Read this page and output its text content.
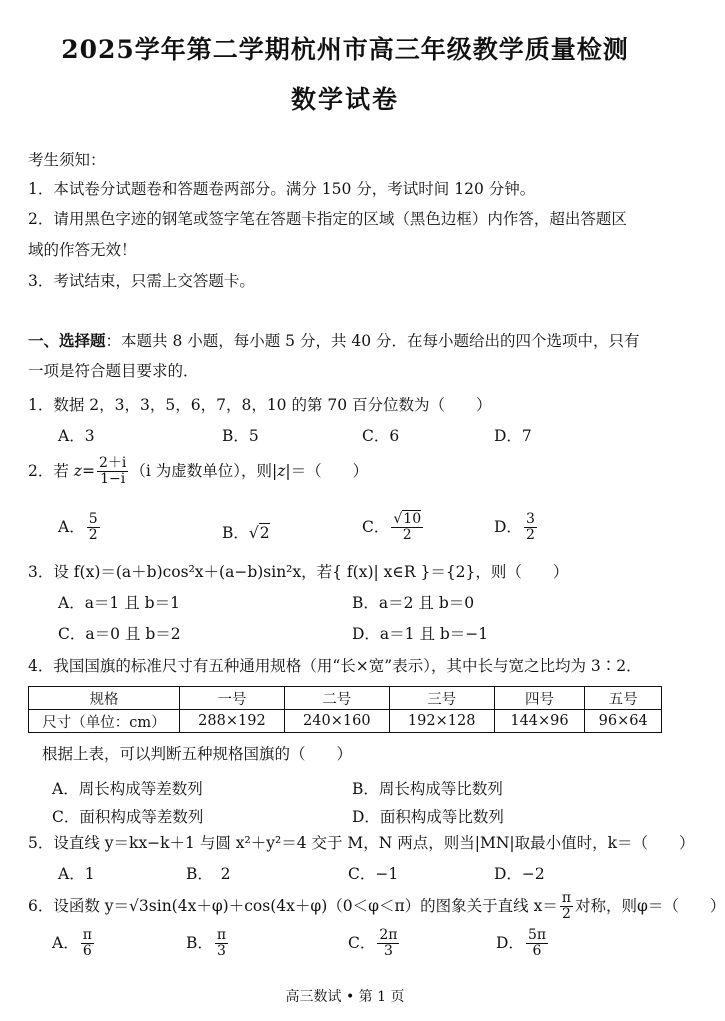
2025学年第二学期杭州市高三年级教学质量检测
数学试卷
考生须知：
1．本试卷分试题卷和答题卷两部分。满分 150 分，考试时间 120 分钟。
2．请用黑色字迹的钢笔或签字笔在答题卡指定的区域（黑色边框）内作答，超出答题区
域的作答无效！
3．考试结束，只需上交答题卡。
一、选择题：本题共 8 小题，每小题 5 分，共 40 分．在每小题给出的四个选项中，只有
一项是符合题目要求的．
1．数据 2，3，3，5，6，7，8，10 的第 70 百分位数为（　　）
A．3	B．5	C．6	D．7
2．若 $z= \frac{2+i}{1-i} (i$ 为虚数单位），则|z|＝（　　）
A． $\frac{5}{2}$	B．√2	C． $\frac{√10}{2}$	D． $\frac{3}{2}$
3．设 f(x)＝(a＋b)cos²x＋(a−b)sin²x，若{ f(x)| x∈R }＝{2}，则（　　）
A．a＝1 且 b＝1	B．a＝2 且 b＝0
C．a＝0 且 b＝2	D．a＝1 且 b＝−1
4．我国国旗的标准尺寸有五种通用规格（用“长×宽”表示），其中长与宽之比均为 3∶2．
规格	一号	二号	三号	四号	五号
尺寸（单位：cm）	288×192	240×160	192×128	144×96	96×64
根据上表，可以判断五种规格国旗的（　　）
A．周长构成等差数列	B．周长构成等比数列
C．面积构成等差数列	D．面积构成等比数列
5．设直线 y＝kx−k＋1 与圆 x²＋y²＝4 交于 M，N 两点，则当|MN|取最小值时，k＝（　　）
A．1	B．　2	C．−1	D．−2
6．设函数 y＝√3sin(4x＋φ)＋cos(4x＋φ)（0＜φ＜π）的图象关于直线 $x= \frac{\pi}{2}$ 对称，则φ＝（　　）
A． $\frac{\pi}{6}$	B． $\frac{\pi}{3}$	C． $\frac{2\pi}{3}$	D． $\frac{5\pi}{6}$
高三数试 • 第 1 页
